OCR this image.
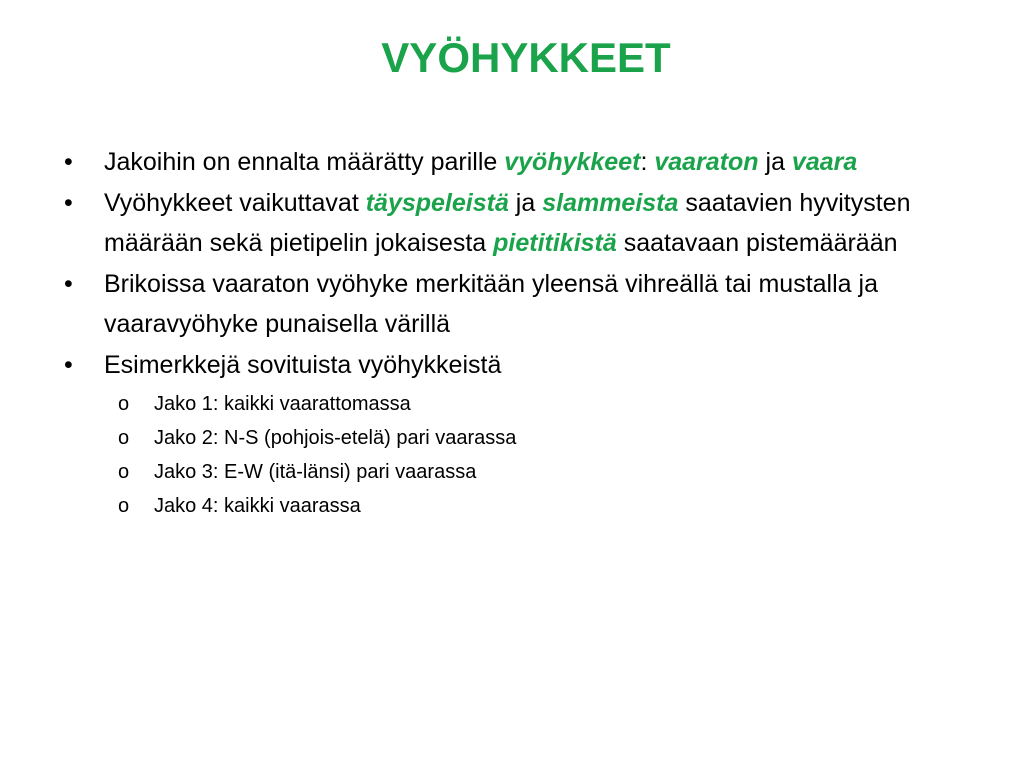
VYÖHYKKEET
• Jakoihin on ennalta määrätty parille vyöhykkeet: vaaraton ja vaara
• Vyöhykkeet vaikuttavat täyspeleistä ja slammeista saatavien hyvitysten määrään sekä pietipelin jokaisesta pietitikistä saatavaan pistemäärään
• Brikoissa vaaraton vyöhyke merkitään yleensä vihreällä tai mustalla ja vaaravyöhyke punaisella värillä
• Esimerkkejä sovituista vyöhykkeistä
o Jako 1: kaikki vaarattomassa
o Jako 2: N-S (pohjois-etelä) pari vaarassa
o Jako 3: E-W (itä-länsi) pari vaarassa
o Jako 4: kaikki vaarassa
